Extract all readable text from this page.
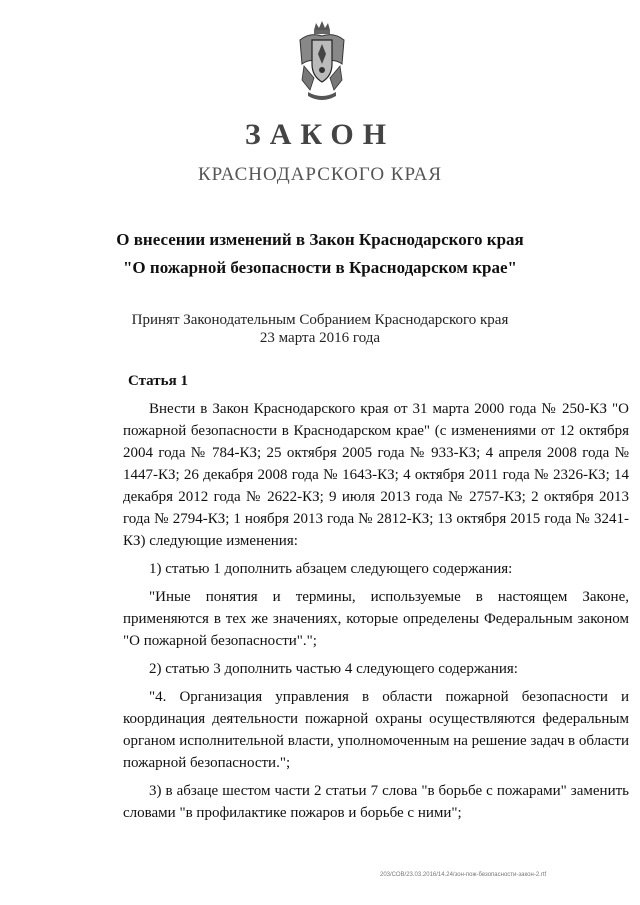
ЗАКОН
КРАСНОДАРСКОГО КРАЯ
О внесении изменений в Закон Краснодарского края
"О пожарной безопасности в Краснодарском крае"
Принят Законодательным Собранием Краснодарского края
23 марта 2016 года
Статья 1

Внести в Закон Краснодарского края от 31 марта 2000 года № 250-КЗ "О пожарной безопасности в Краснодарском крае" (с изменениями от 12 октября 2004 года № 784-КЗ; 25 октября 2005 года № 933-КЗ; 4 апреля 2008 года № 1447-КЗ; 26 декабря 2008 года № 1643-КЗ; 4 октября 2011 года № 2326-КЗ; 14 декабря 2012 года № 2622-КЗ; 9 июля 2013 года № 2757-КЗ; 2 октября 2013 года № 2794-КЗ; 1 ноября 2013 года № 2812-КЗ; 13 октября 2015 года № 3241-КЗ) следующие изменения:

1) статью 1 дополнить абзацем следующего содержания:

"Иные понятия и термины, используемые в настоящем Законе, применяются в тех же значениях, которые определены Федеральным законом "О пожарной безопасности".";

2) статью 3 дополнить частью 4 следующего содержания:

"4. Организация управления в области пожарной безопасности и координация деятельности пожарной охраны осуществляются федеральным органом исполнительной власти, уполномоченным на решение задач в области пожарной безопасности.";

3) в абзаце шестом части 2 статьи 7 слова "в борьбе с пожарами" заменить словами "в профилактике пожаров и борьбе с ними";

203/СОВ/23.03.2016/14.24/зон-пож-безопасности-закон-2.rtf
